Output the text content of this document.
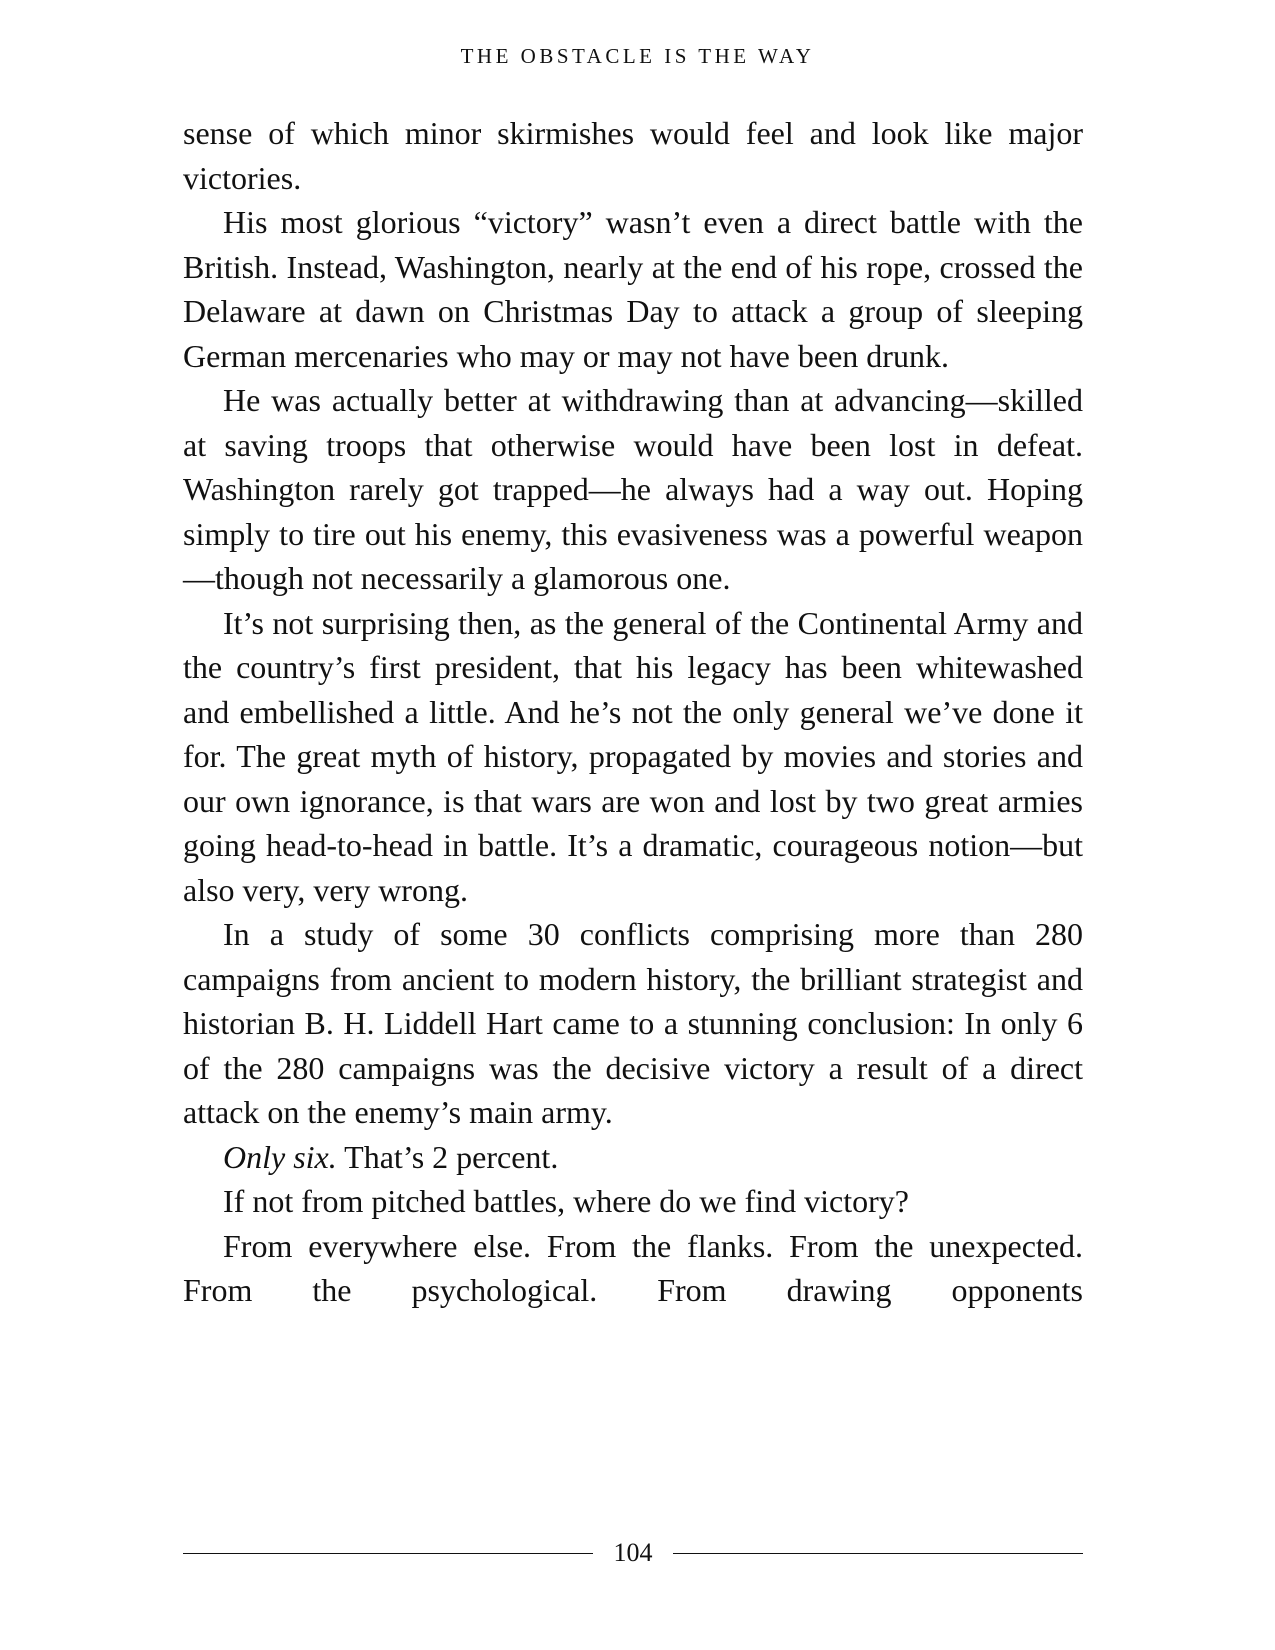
THE OBSTACLE IS THE WAY

sense of which minor skirmishes would feel and look like major victories.

His most glorious “victory” wasn’t even a direct battle with the British. Instead, Washington, nearly at the end of his rope, crossed the Delaware at dawn on Christmas Day to attack a group of sleeping German mercenaries who may or may not have been drunk.

He was actually better at withdrawing than at advancing—skilled at saving troops that otherwise would have been lost in defeat. Washington rarely got trapped—he always had a way out. Hoping simply to tire out his enemy, this evasiveness was a powerful weapon—though not necessarily a glamorous one.

It’s not surprising then, as the general of the Continental Army and the country’s first president, that his legacy has been whitewashed and embellished a little. And he’s not the only general we’ve done it for. The great myth of history, propagated by movies and stories and our own ignorance, is that wars are won and lost by two great armies going head-to-head in battle. It’s a dramatic, courageous notion—but also very, very wrong.

In a study of some 30 conflicts comprising more than 280 campaigns from ancient to modern history, the brilliant strategist and historian B. H. Liddell Hart came to a stunning conclusion: In only 6 of the 280 campaigns was the decisive victory a result of a direct attack on the enemy’s main army.

Only six. That’s 2 percent.

If not from pitched battles, where do we find victory?

From everywhere else. From the flanks. From the unexpected. From the psychological. From drawing opponents

104
